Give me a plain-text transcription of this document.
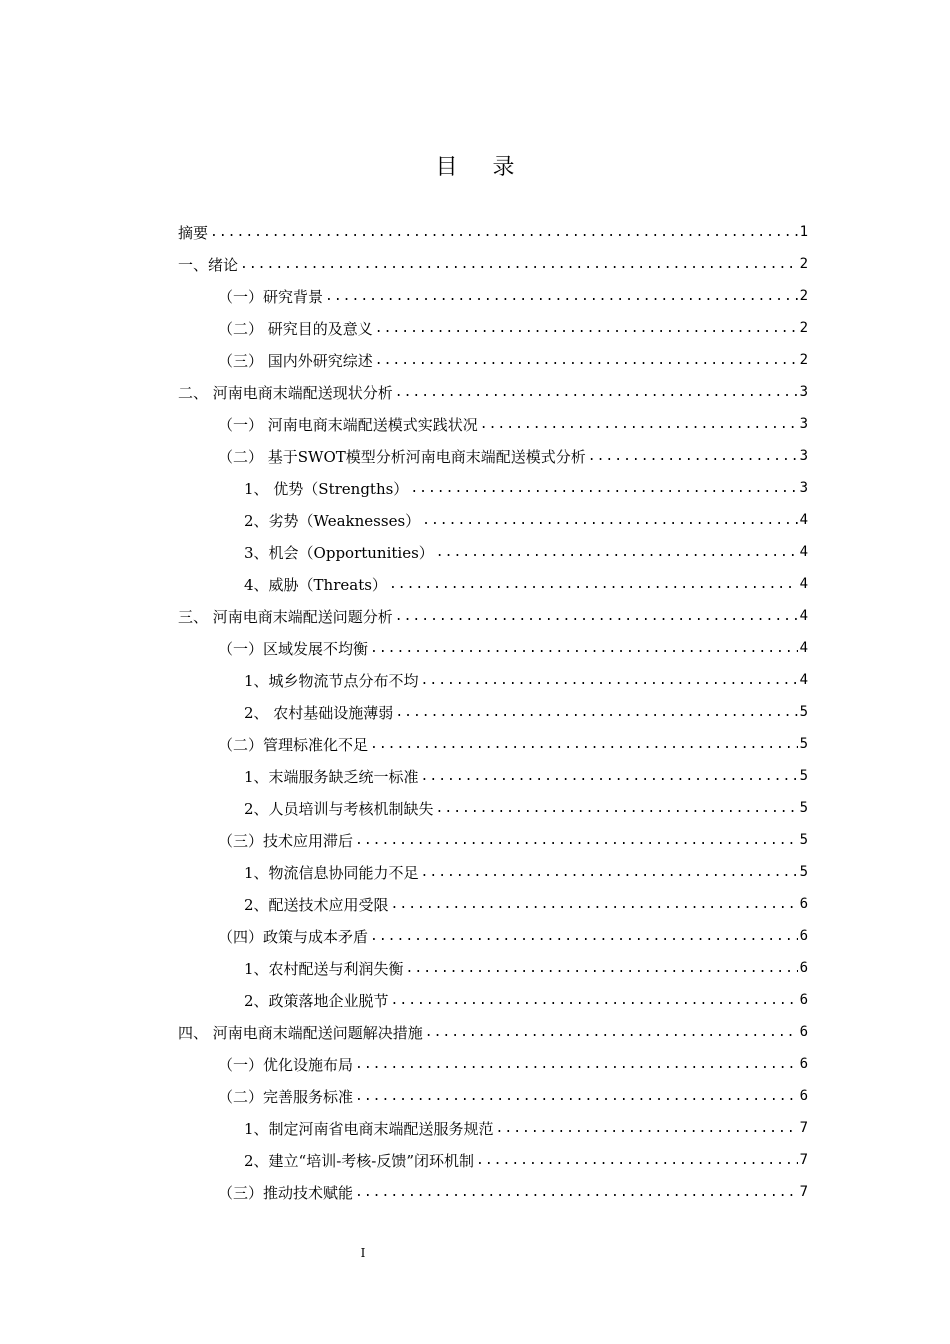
目 录
摘要 .....	1
一、绪论 .....	2
（一）研究背景 .....	2
（二） 研究目的及意义 .....	2
（三） 国内外研究综述 .....	2
二、 河南电商末端配送现状分析 .....	3
（一） 河南电商末端配送模式实践状况 .....	3
（二） 基于SWOT模型分析河南电商末端配送模式分析 .....	3
1、 优势（Strengths） .....	3
2、劣势（Weaknesses） .....	4
3、机会（Opportunities） .....	4
4、威胁（Threats） .....	4
三、 河南电商末端配送问题分析 .....	4
（一）区域发展不均衡 .....	4
1、城乡物流节点分布不均 .....	4
2、 农村基础设施薄弱 .....	5
（二）管理标准化不足 .....	5
1、末端服务缺乏统一标准 .....	5
2、人员培训与考核机制缺失 .....	5
（三）技术应用滞后 .....	5
1、物流信息协同能力不足 .....	5
2、配送技术应用受限 .....	6
（四）政策与成本矛盾 .....	6
1、农村配送与利润失衡 .....	6
2、政策落地企业脱节 .....	6
四、 河南电商末端配送问题解决措施 .....	6
（一）优化设施布局 .....	6
（二）完善服务标准 .....	6
1、制定河南省电商末端配送服务规范 .....	7
2、建立“培训-考核-反馈”闭环机制 .....	7
（三）推动技术赋能 .....	7
I
